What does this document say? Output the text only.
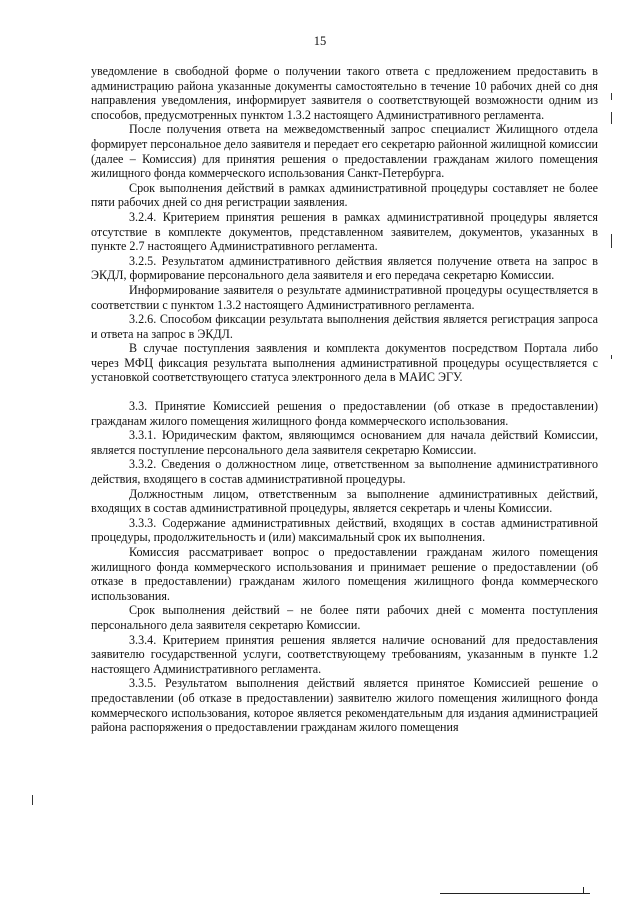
15

уведомление в свободной форме о получении такого ответа с предложением предоставить в администрацию района указанные документы самостоятельно в течение 10 рабочих дней со дня направления уведомления, информирует заявителя о соответствующей возможности одним из способов, предусмотренных пунктом 1.3.2 настоящего Административного регламента.

После получения ответа на межведомственный запрос специалист Жилищного отдела формирует персональное дело заявителя и передает его секретарю районной жилищной комиссии (далее – Комиссия) для принятия решения о предоставлении гражданам жилого помещения жилищного фонда коммерческого использования Санкт-Петербурга.

Срок выполнения действий в рамках административной процедуры составляет не более пяти рабочих дней со дня регистрации заявления.

3.2.4. Критерием принятия решения в рамках административной процедуры является отсутствие в комплекте документов, представленном заявителем, документов, указанных в пункте 2.7 настоящего Административного регламента.

3.2.5. Результатом административного действия является получение ответа на запрос в ЭКДЛ, формирование персонального дела заявителя и его передача секретарю Комиссии.

Информирование заявителя о результате административной процедуры осуществляется в соответствии с пунктом 1.3.2 настоящего Административного регламента.

3.2.6. Способом фиксации результата выполнения действия является регистрация запроса и ответа на запрос в ЭКДЛ.

В случае поступления заявления и комплекта документов посредством Портала либо через МФЦ фиксация результата выполнения административной процедуры осуществляется с установкой соответствующего статуса электронного дела в МАИС ЭГУ.

3.3. Принятие Комиссией решения о предоставлении (об отказе в предоставлении) гражданам жилого помещения жилищного фонда коммерческого использования.

3.3.1. Юридическим фактом, являющимся основанием для начала действий Комиссии, является поступление персонального дела заявителя секретарю Комиссии.

3.3.2. Сведения о должностном лице, ответственном за выполнение административного действия, входящего в состав административной процедуры.

Должностным лицом, ответственным за выполнение административных действий, входящих в состав административной процедуры, является секретарь и члены Комиссии.

3.3.3. Содержание административных действий, входящих в состав административной процедуры, продолжительность и (или) максимальный срок их выполнения.

Комиссия рассматривает вопрос о предоставлении гражданам жилого помещения жилищного фонда коммерческого использования и принимает решение о предоставлении (об отказе в предоставлении) гражданам жилого помещения жилищного фонда коммерческого использования.

Срок выполнения действий – не более пяти рабочих дней с момента поступления персонального дела заявителя секретарю Комиссии.

3.3.4. Критерием принятия решения является наличие оснований для предоставления заявителю государственной услуги, соответствующему требованиям, указанным в пункте 1.2 настоящего Административного регламента.

3.3.5. Результатом выполнения действий является принятое Комиссией решение о предоставлении (об отказе в предоставлении) заявителю жилого помещения жилищного фонда коммерческого использования, которое является рекомендательным для издания администрацией района распоряжения о предоставлении гражданам жилого помещения
